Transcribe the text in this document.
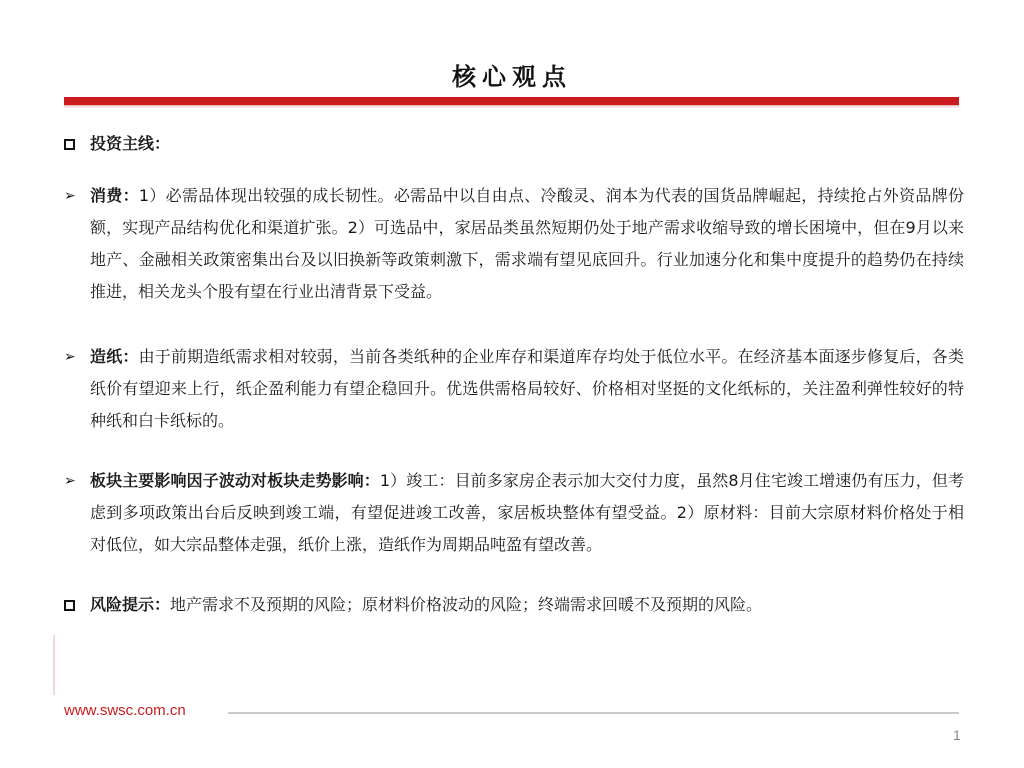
核心观点
投资主线：
➢ 消费：1）必需品体现出较强的成长韧性。必需品中以自由点、冷酸灵、润本为代表的国货品牌崛起，持续抢占外资品牌份额，实现产品结构优化和渠道扩张。2）可选品中，家居品类虽然短期仍处于地产需求收缩导致的增长困境中，但在9月以来地产、金融相关政策密集出台及以旧换新等政策刺激下，需求端有望见底回升。行业加速分化和集中度提升的趋势仍在持续推进，相关龙头个股有望在行业出清背景下受益。
➢ 造纸：由于前期造纸需求相对较弱，当前各类纸种的企业库存和渠道库存均处于低位水平。在经济基本面逐步修复后，各类纸价有望迎来上行，纸企盈利能力有望企稳回升。优选供需格局较好、价格相对坚挺的文化纸标的，关注盈利弹性较好的特种纸和白卡纸标的。
➢ 板块主要影响因子波动对板块走势影响：1）竣工：目前多家房企表示加大交付力度，虽然8月住宅竣工增速仍有压力，但考虑到多项政策出台后反映到竣工端，有望促进竣工改善，家居板块整体有望受益。2）原材料：目前大宗原材料价格处于相对低位，如大宗品整体走强，纸价上涨，造纸作为周期品吨盈有望改善。
风险提示：地产需求不及预期的风险；原材料价格波动的风险；终端需求回暖不及预期的风险。
www.swsc.com.cn
1
